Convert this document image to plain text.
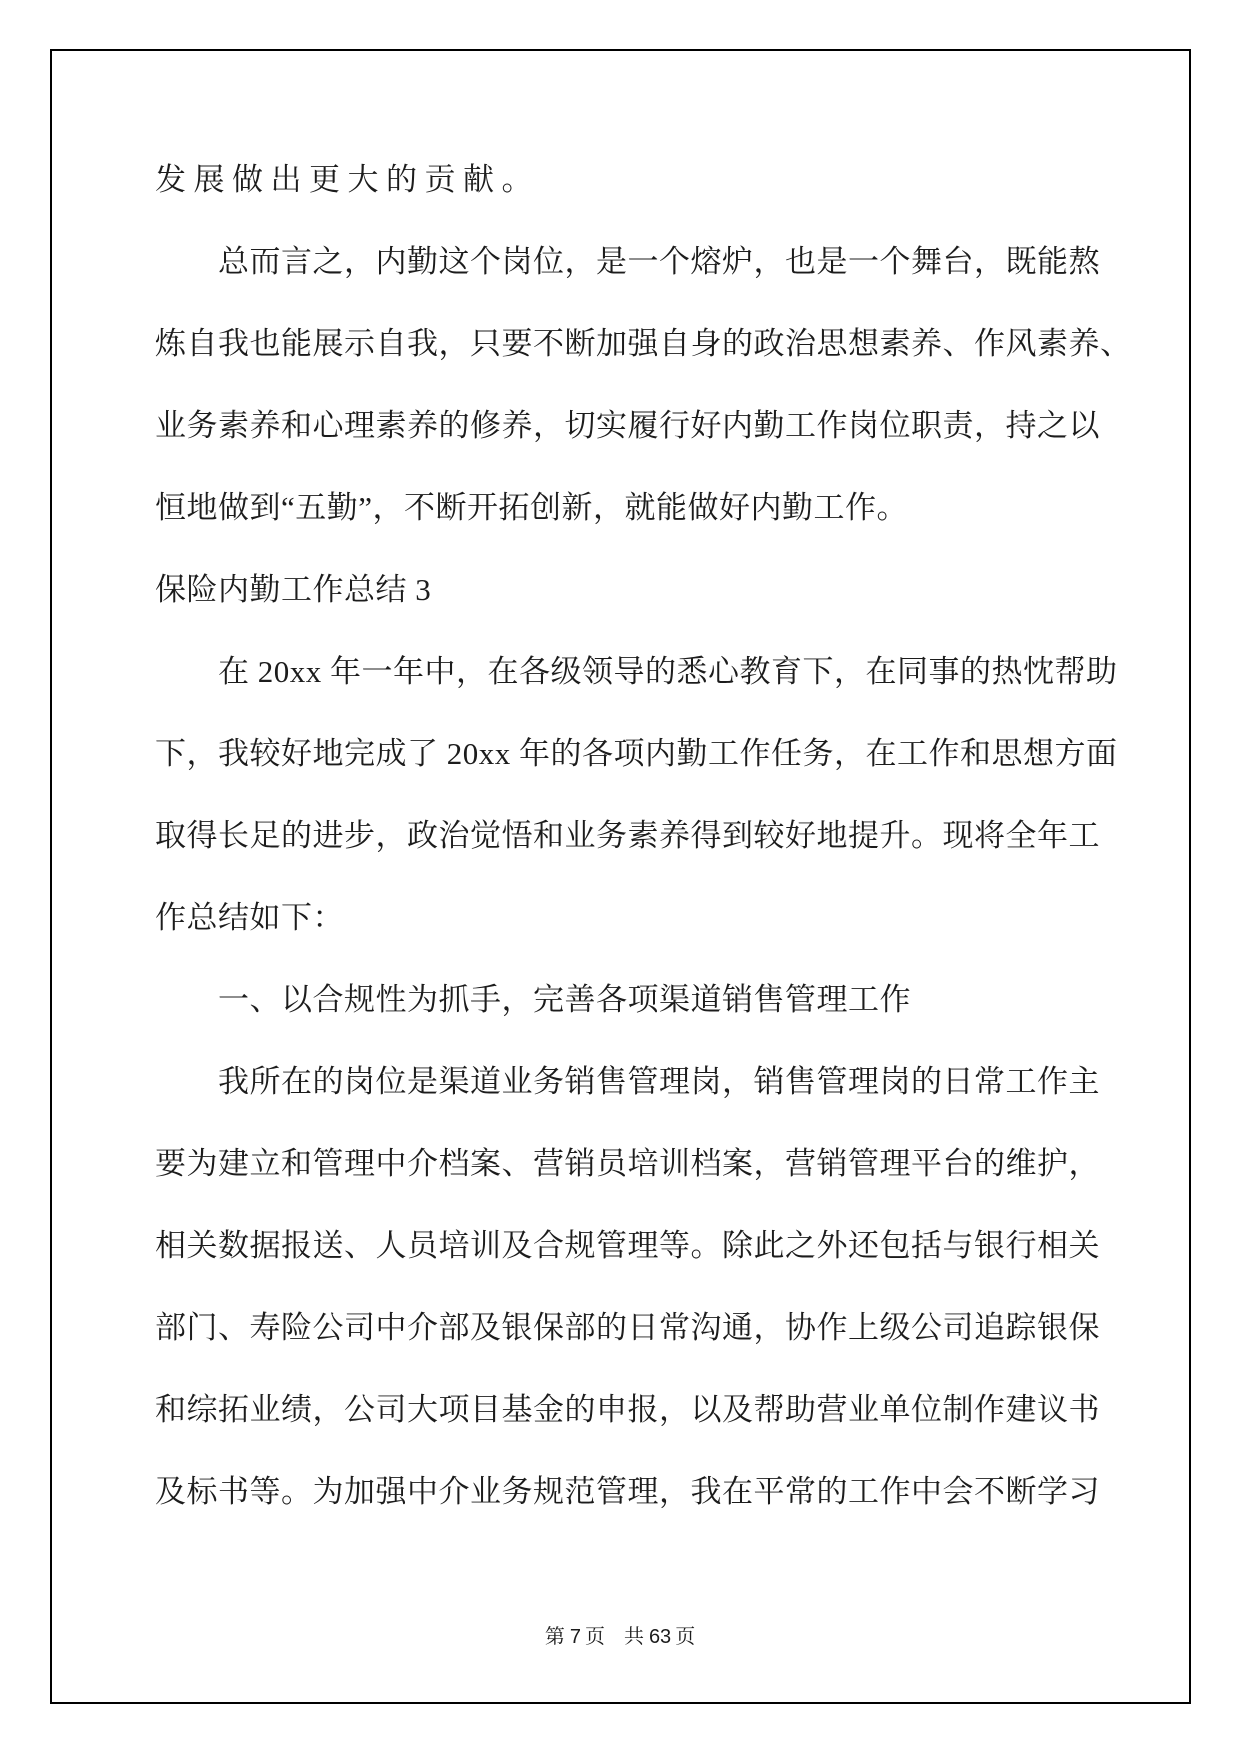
发展做出更大的贡献。
总而言之，内勤这个岗位，是一个熔炉，也是一个舞台，既能熬
炼自我也能展示自我，只要不断加强自身的政治思想素养、作风素养、
业务素养和心理素养的修养，切实履行好内勤工作岗位职责，持之以
恒地做到“五勤”，不断开拓创新，就能做好内勤工作。
保险内勤工作总结 3
在 20xx 年一年中，在各级领导的悉心教育下，在同事的热忱帮助
下，我较好地完成了 20xx 年的各项内勤工作任务，在工作和思想方面
取得长足的进步，政治觉悟和业务素养得到较好地提升。现将全年工
作总结如下：
一、以合规性为抓手，完善各项渠道销售管理工作
我所在的岗位是渠道业务销售管理岗，销售管理岗的日常工作主
要为建立和管理中介档案、营销员培训档案，营销管理平台的维护，
相关数据报送、人员培训及合规管理等。除此之外还包括与银行相关
部门、寿险公司中介部及银保部的日常沟通，协作上级公司追踪银保
和综拓业绩，公司大项目基金的申报，以及帮助营业单位制作建议书
及标书等。为加强中介业务规范管理，我在平常的工作中会不断学习
第 7 页 共 63 页
